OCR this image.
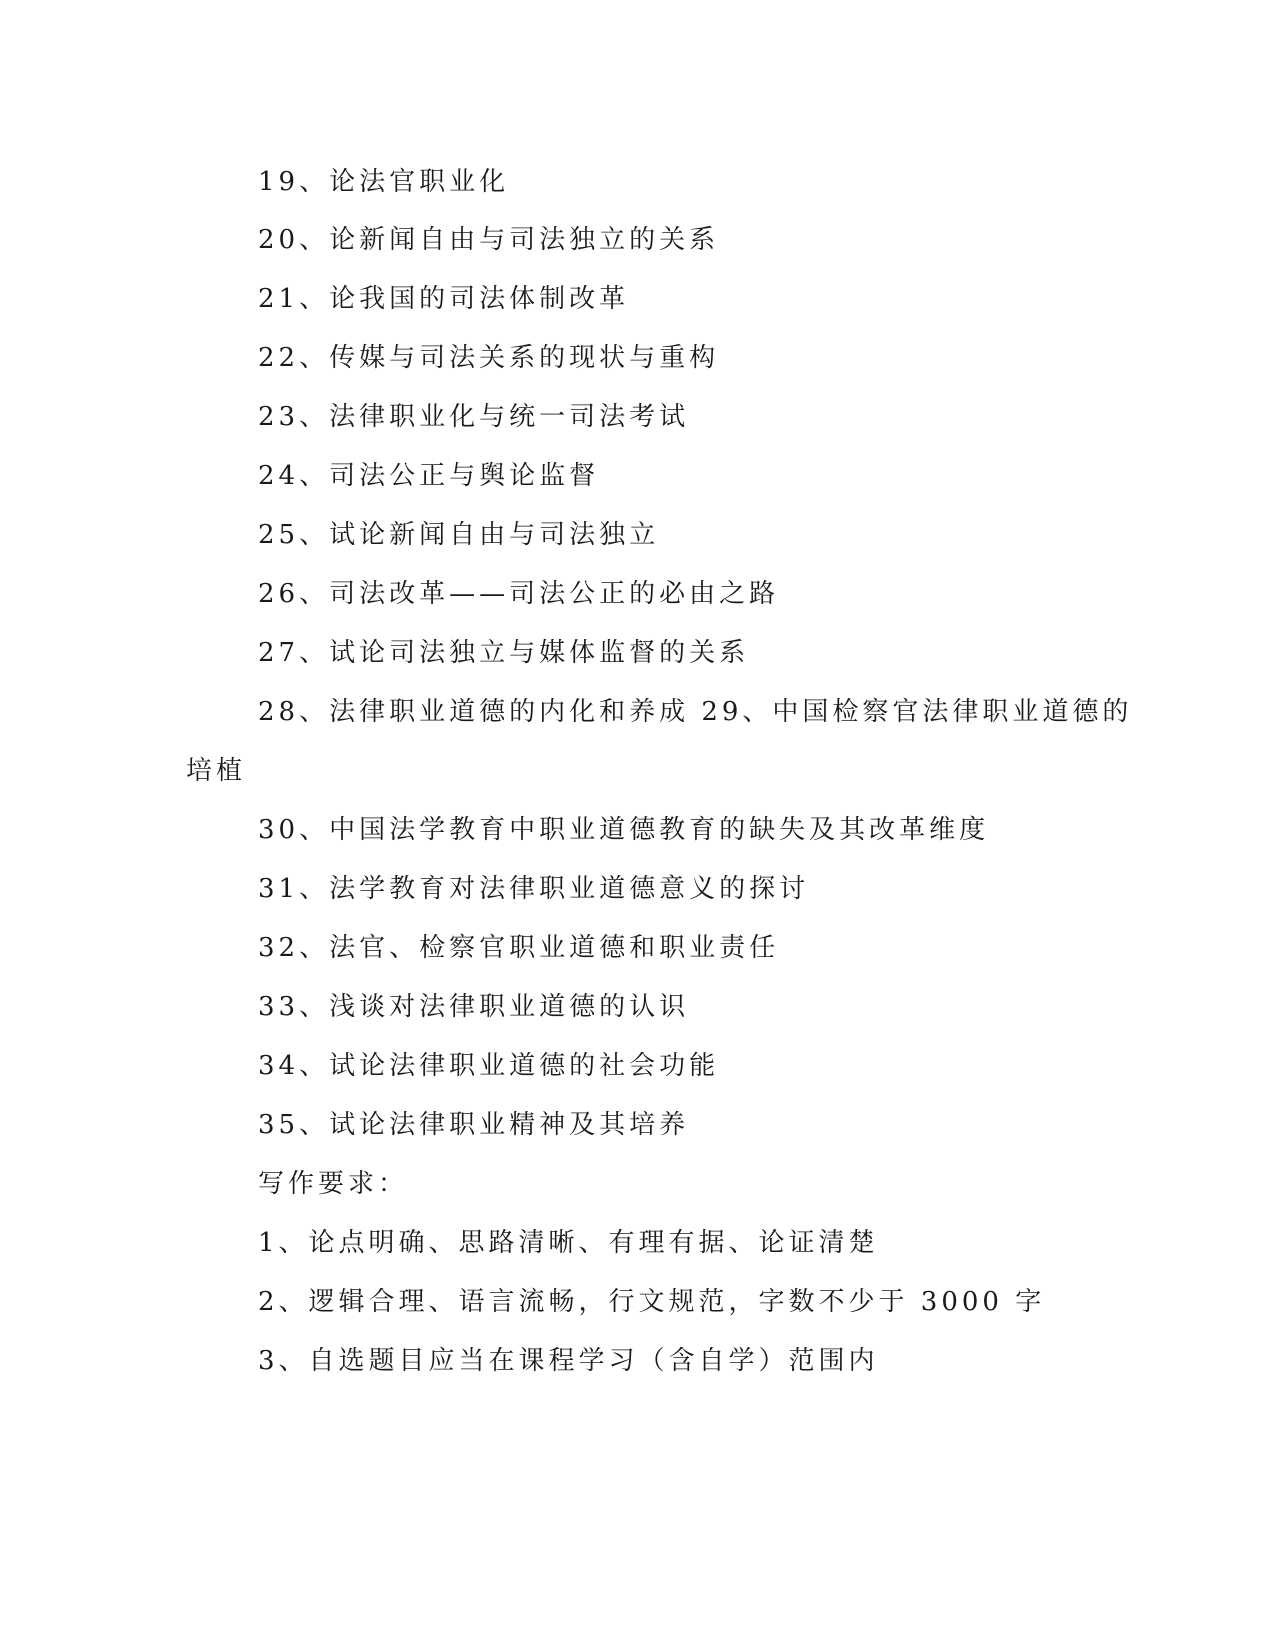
19、论法官职业化
20、论新闻自由与司法独立的关系
21、论我国的司法体制改革
22、传媒与司法关系的现状与重构
23、法律职业化与统一司法考试
24、司法公正与舆论监督
25、试论新闻自由与司法独立
26、司法改革——司法公正的必由之路
27、试论司法独立与媒体监督的关系
28、法律职业道德的内化和养成 29、中国检察官法律职业道德的
培植
30、中国法学教育中职业道德教育的缺失及其改革维度
31、法学教育对法律职业道德意义的探讨
32、法官、检察官职业道德和职业责任
33、浅谈对法律职业道德的认识
34、试论法律职业道德的社会功能
35、试论法律职业精神及其培养
写作要求：
1、论点明确、思路清晰、有理有据、论证清楚
2、逻辑合理、语言流畅，行文规范，字数不少于 3000 字
3、自选题目应当在课程学习（含自学）范围内
